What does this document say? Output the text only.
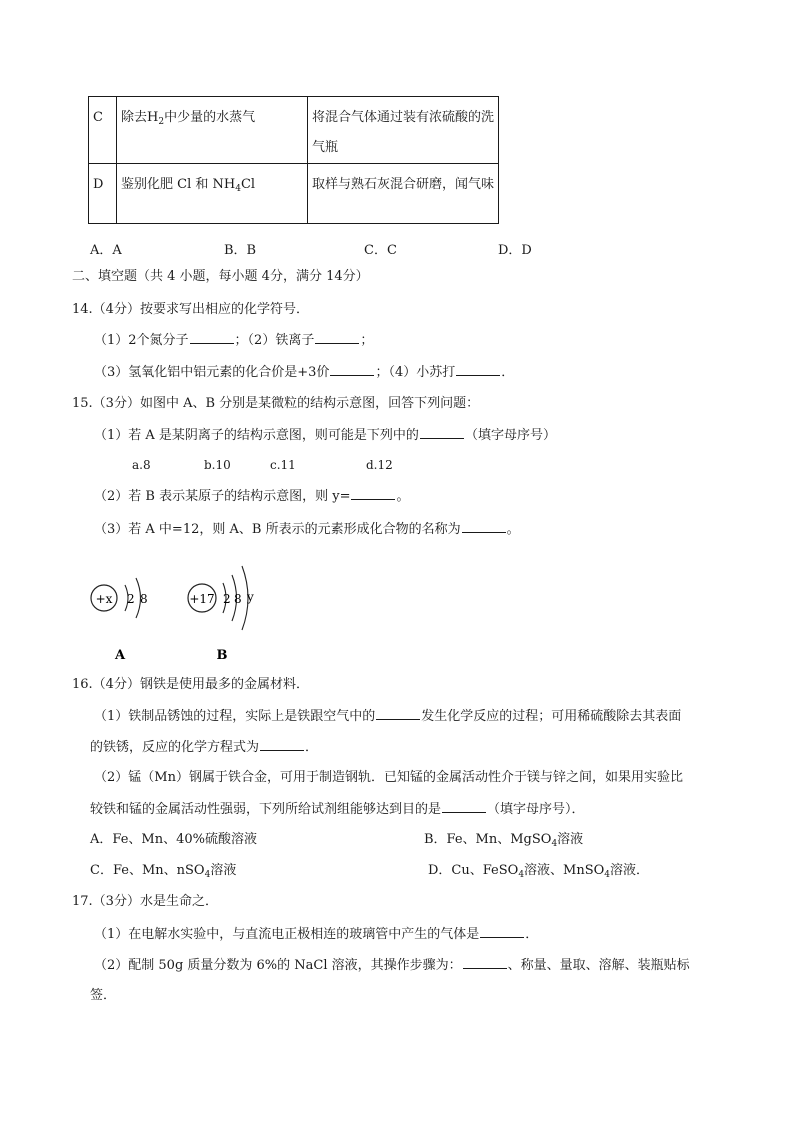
C	除去$H_2$中少量的水蒸气	将混合气体通过装有浓硫酸的洗气瓶
D	鉴别化肥 Cl 和 $NH_4Cl$	取样与熟石灰混合研磨，闻气味
A．A	B．B	C．C	D．D
二、填空题（共 4 小题，每小题 4分，满分 14分）
14.（4分）按要求写出相应的化学符号．
（1）2个氮分子	；（2）铁离子	；
（3）氢氧化铝中铝元素的化合价是+3价	；（4）小苏打	．
15.（3分）如图中 A、B 分别是某微粒的结构示意图，回答下列问题：
（1）若 A 是某阴离子的结构示意图，则可能是下列中的	（填字母序号）
a.8	b.10	c.11	d.12
（2）若 B 表示某原子的结构示意图，则 y=	。
（3）若 A 中=12，则 A、B 所表示的元素形成化合物的名称为	。
+x 2 8
A
+17 2 8 y
B
16.（4分）钢铁是使用最多的金属材料．
（1）铁制品锈蚀的过程，实际上是铁跟空气中的	发生化学反应的过程；可用稀硫酸除去其表面
的铁锈，反应的化学方程式为	．
（2）锰（Mn）钢属于铁合金，可用于制造钢轨．已知锰的金属活动性介于镁与锌之间，如果用实验比
较铁和锰的金属活动性强弱，下列所给试剂组能够达到目的是	（填字母序号）．
A．Fe、Mn、40%硫酸溶液	B．Fe、Mn、MgSO$_4$溶液
C．Fe、Mn、nSO$_4$溶液	D．Cu、FeSO$_4$溶液、MnSO$_4$溶液．
17.（3分）水是生命之．
（1）在电解水实验中，与直流电正极相连的玻璃管中产生的气体是	．
（2）配制 50g 质量分数为 6%的 NaCl 溶液，其操作步骤为：	、称量、量取、溶解、装瓶贴标
签．
